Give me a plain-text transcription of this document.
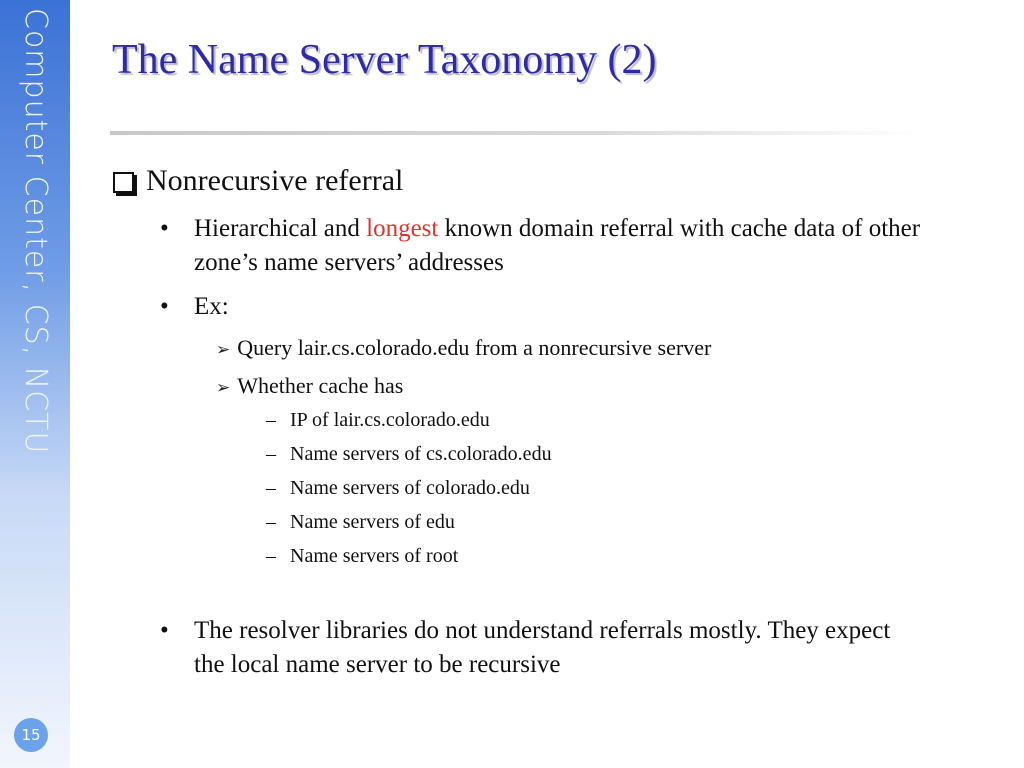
Computer Center, CS, NCTU
15
The Name Server Taxonomy (2)
Nonrecursive referral
• Hierarchical and longest known domain referral with cache data of other zone’s name servers’ addresses
• Ex:
➢ Query lair.cs.colorado.edu from a nonrecursive server
➢ Whether cache has
– IP of lair.cs.colorado.edu
– Name servers of cs.colorado.edu
– Name servers of colorado.edu
– Name servers of edu
– Name servers of root
• The resolver libraries do not understand referrals mostly. They expect the local name server to be recursive
